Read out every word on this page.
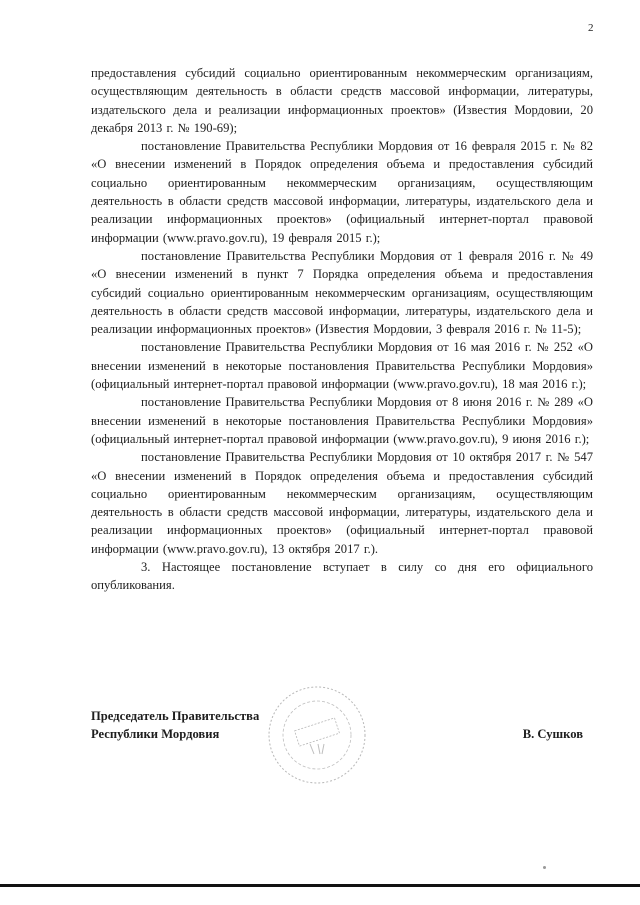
2

предоставления субсидий социально ориентированным некоммерческим организациям, осуществляющим деятельность в области средств массовой информации, литературы, издательского дела и реализации информационных проектов» (Известия Мордовии, 20 декабря 2013 г. № 190-69);

постановление Правительства Республики Мордовия от 16 февраля 2015 г. № 82 «О внесении изменений в Порядок определения объема и предоставления субсидий социально ориентированным некоммерческим организациям, осуществляющим деятельность в области средств массовой информации, литературы, издательского дела и реализации информационных проектов» (официальный интернет-портал правовой информации (www.pravo.gov.ru), 19 февраля 2015 г.);

постановление Правительства Республики Мордовия от 1 февраля 2016 г. № 49 «О внесении изменений в пункт 7 Порядка определения объема и предоставления субсидий социально ориентированным некоммерческим организациям, осуществляющим деятельность в области средств массовой информации, литературы, издательского дела и реализации информационных проектов» (Известия Мордовии, 3 февраля 2016 г. № 11-5);

постановление Правительства Республики Мордовия от 16 мая 2016 г. № 252 «О внесении изменений в некоторые постановления Правительства Республики Мордовия» (официальный интернет-портал правовой информации (www.pravo.gov.ru), 18 мая 2016 г.);

постановление Правительства Республики Мордовия от 8 июня 2016 г. № 289 «О внесении изменений в некоторые постановления Правительства Республики Мордовия» (официальный интернет-портал правовой информации (www.pravo.gov.ru), 9 июня 2016 г.);

постановление Правительства Республики Мордовия от 10 октября 2017 г. № 547 «О внесении изменений в Порядок определения объема и предоставления субсидий социально ориентированным некоммерческим организациям, осуществляющим деятельность в области средств массовой информации, литературы, издательского дела и реализации информационных проектов» (официальный интернет-портал правовой информации (www.pravo.gov.ru), 13 октября 2017 г.).

3. Настоящее постановление вступает в силу со дня его официального опубликования.

Председатель Правительства
Республики Мордовия	В. Сушков
